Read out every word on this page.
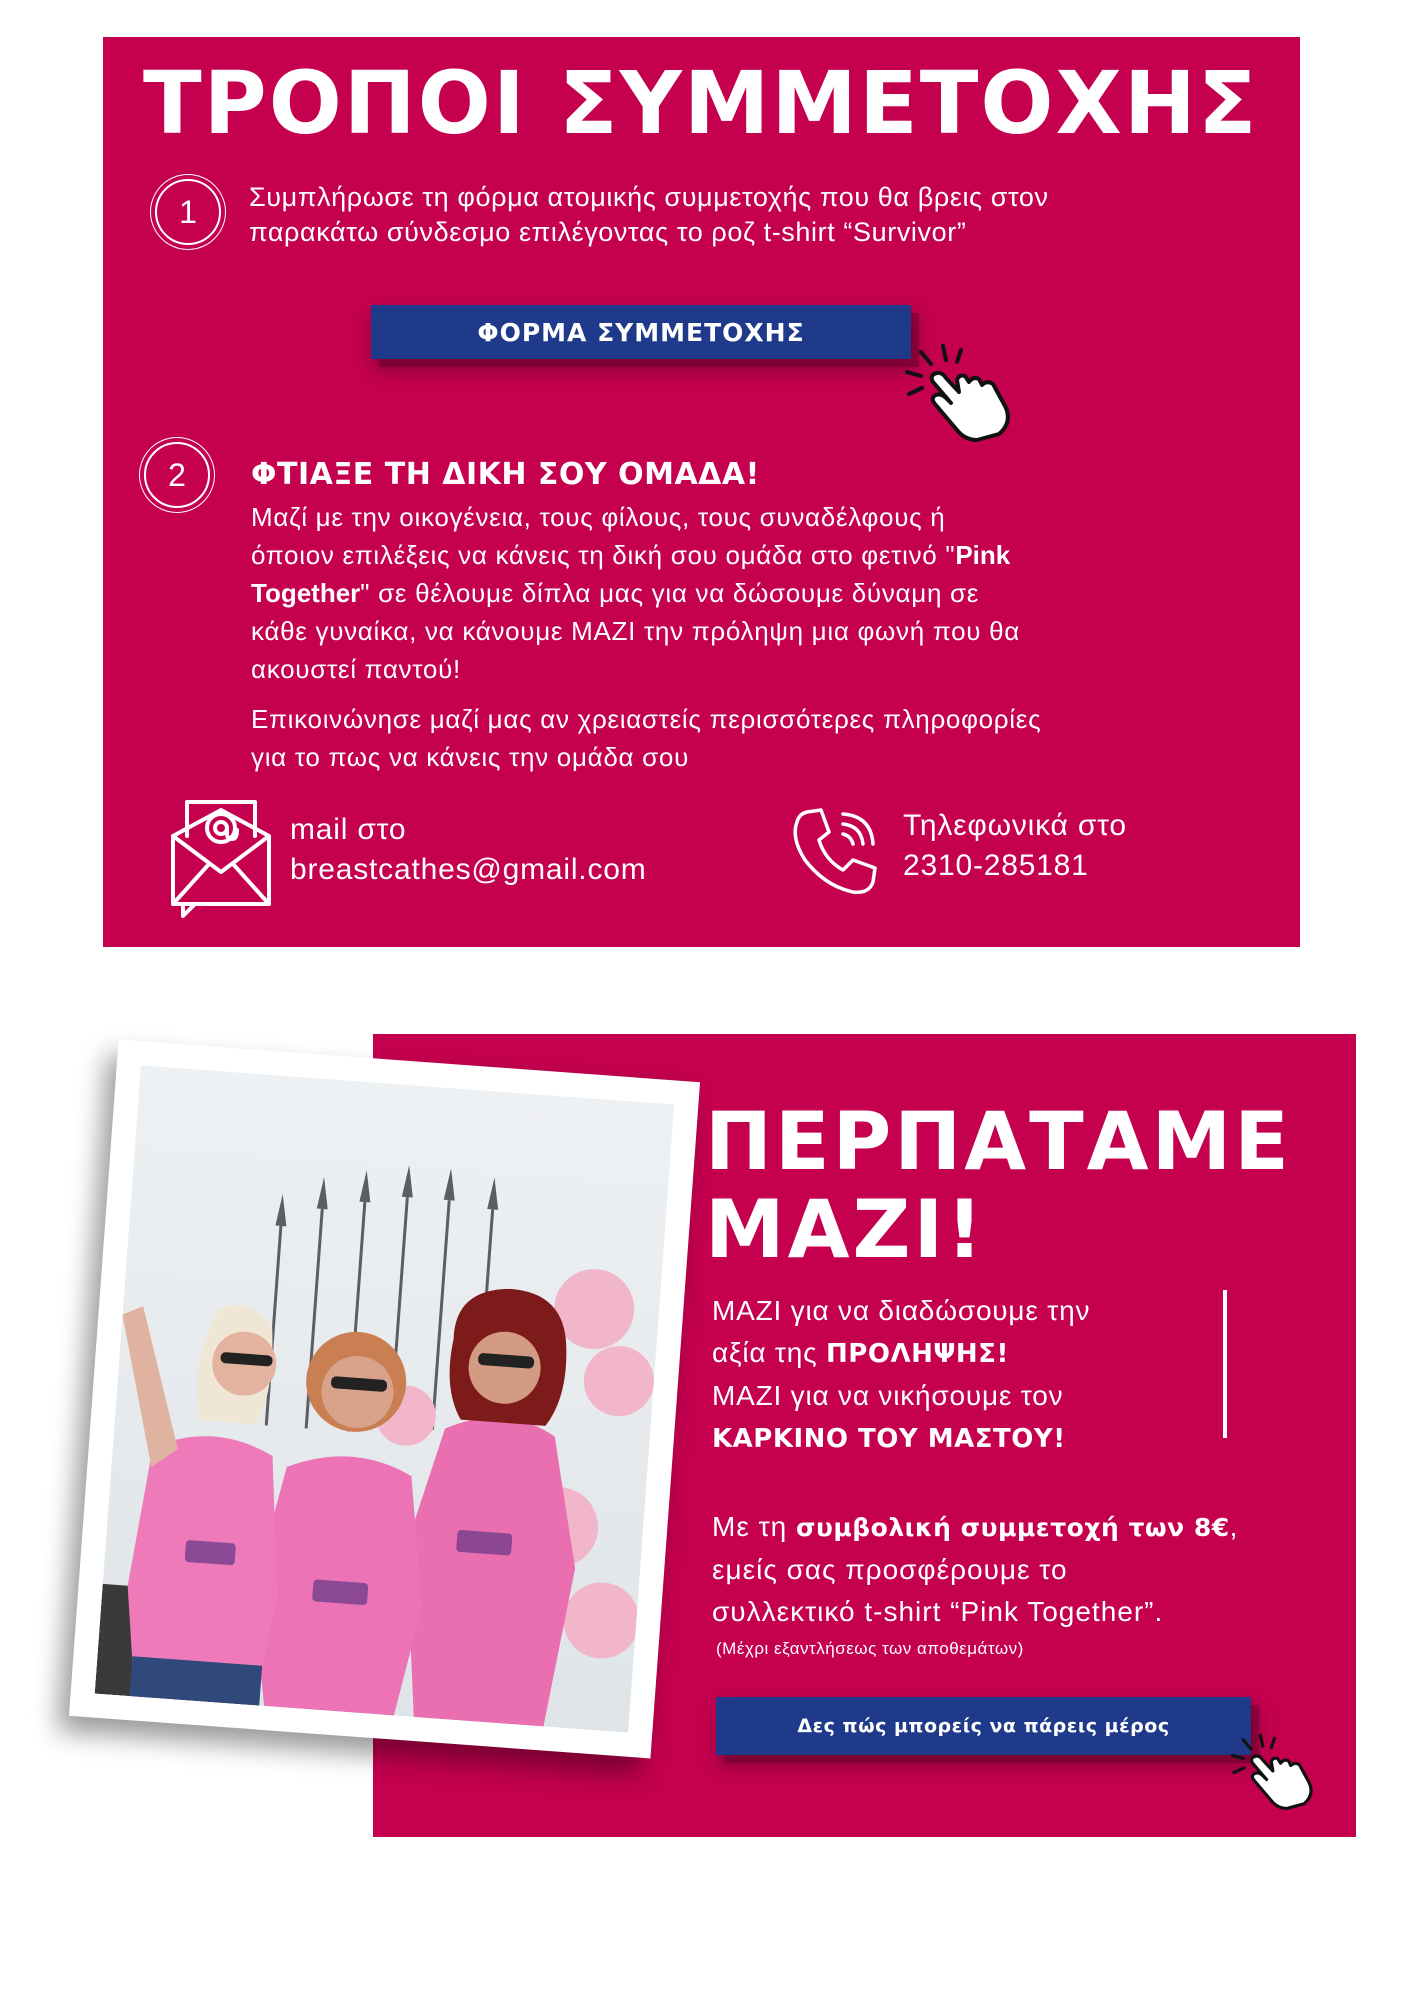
ΤΡΟΠΟΙ ΣΥΜΜΕΤΟΧΗΣ
1 Συμπλήρωσε τη φόρμα ατομικής συμμετοχής που θα βρεις στον
παρακάτω σύνδεσμο επιλέγοντας το ροζ t-shirt “Survivor”
ΦΟΡΜΑ ΣΥΜΜΕΤΟΧΗΣ
2 ΦΤΙΑΞΕ ΤΗ ΔΙΚΗ ΣΟΥ ΟΜΑΔΑ!
Μαζί με την οικογένεια, τους φίλους, τους συναδέλφους ή
όποιον επιλέξεις να κάνεις τη δική σου ομάδα στο φετινό "Pink
Together" σε θέλουμε δίπλα μας για να δώσουμε δύναμη σε
κάθε γυναίκα, να κάνουμε ΜΑΖΙ την πρόληψη μια φωνή που θα
ακουστεί παντού!
Επικοινώνησε μαζί μας αν χρειαστείς περισσότερες πληροφορίες
για το πως να κάνεις την ομάδα σου
mail στο
breastcathes@gmail.com
Τηλεφωνικά στο
2310-285181
ΠΕΡΠΑΤΑΜΕ
ΜΑΖΙ!
ΜΑΖΙ για να διαδώσουμε την
αξία της ΠΡΟΛΗΨΗΣ!
ΜΑΖΙ για να νικήσουμε τον
ΚΑΡΚΙΝΟ ΤΟΥ ΜΑΣΤΟΥ!
Με τη συμβολική συμμετοχή των 8€,
εμείς σας προσφέρουμε το
συλλεκτικό t-shirt “Pink Together”.
(Μέχρι εξαντλήσεως των αποθεμάτων)
Δες πώς μπορείς να πάρεις μέρος
